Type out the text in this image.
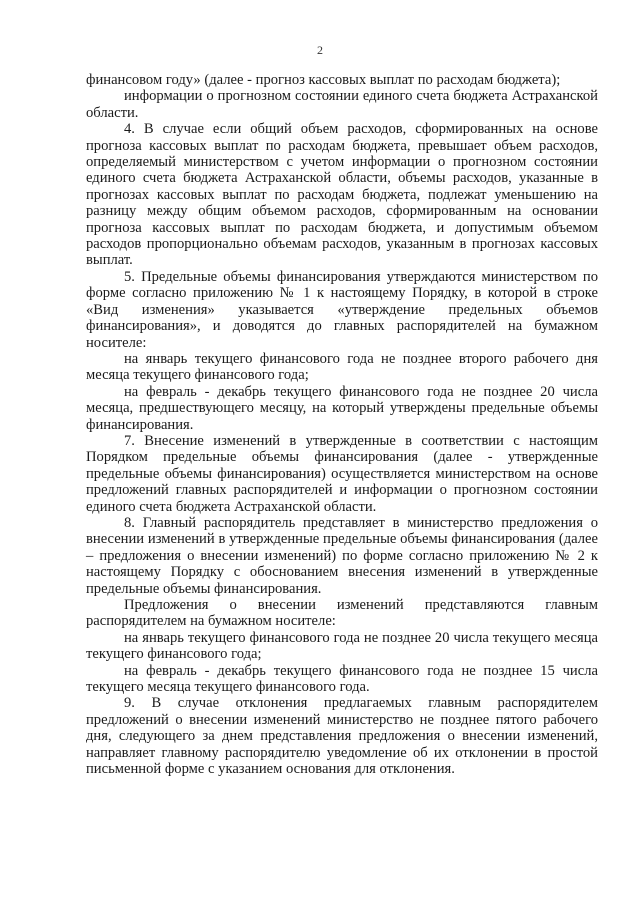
2

финансовом году» (далее - прогноз кассовых выплат по расходам бюджета);

информации о прогнозном состоянии единого счета бюджета Астраханской области.

4. В случае если общий объем расходов, сформированных на основе прогноза кассовых выплат по расходам бюджета, превышает объем расходов, определяемый министерством с учетом информации о прогнозном состоянии единого счета бюджета Астраханской области, объемы расходов, указанные в прогнозах кассовых выплат по расходам бюджета, подлежат уменьшению на разницу между общим объемом расходов, сформированным на основании прогноза кассовых выплат по расходам бюджета, и допустимым объемом расходов пропорционально объемам расходов, указанным в прогнозах кассовых выплат.

5. Предельные объемы финансирования утверждаются министерством по форме согласно приложению № 1 к настоящему Порядку, в которой в строке «Вид изменения» указывается «утверждение предельных объемов финансирования», и доводятся до главных распорядителей на бумажном носителе:

на январь текущего финансового года не позднее второго рабочего дня месяца текущего финансового года;

на февраль - декабрь текущего финансового года не позднее 20 числа месяца, предшествующего месяцу, на который утверждены предельные объемы финансирования.

7. Внесение изменений в утвержденные в соответствии с настоящим Порядком предельные объемы финансирования (далее - утвержденные предельные объемы финансирования) осуществляется министерством на основе предложений главных распорядителей и информации о прогнозном состоянии единого счета бюджета Астраханской области.

8. Главный распорядитель представляет в министерство предложения о внесении изменений в утвержденные предельные объемы финансирования (далее – предложения о внесении изменений) по форме согласно приложению № 2 к настоящему Порядку с обоснованием внесения изменений в утвержденные предельные объемы финансирования.

Предложения о внесении изменений представляются главным распорядителем на бумажном носителе:

на январь текущего финансового года не позднее 20 числа текущего месяца текущего финансового года;

на февраль - декабрь текущего финансового года не позднее 15 числа текущего месяца текущего финансового года.

9. В случае отклонения предлагаемых главным распорядителем предложений о внесении изменений министерство не позднее пятого рабочего дня, следующего за днем представления предложения о внесении изменений, направляет главному распорядителю уведомление об их отклонении в простой письменной форме с указанием основания для отклонения.
